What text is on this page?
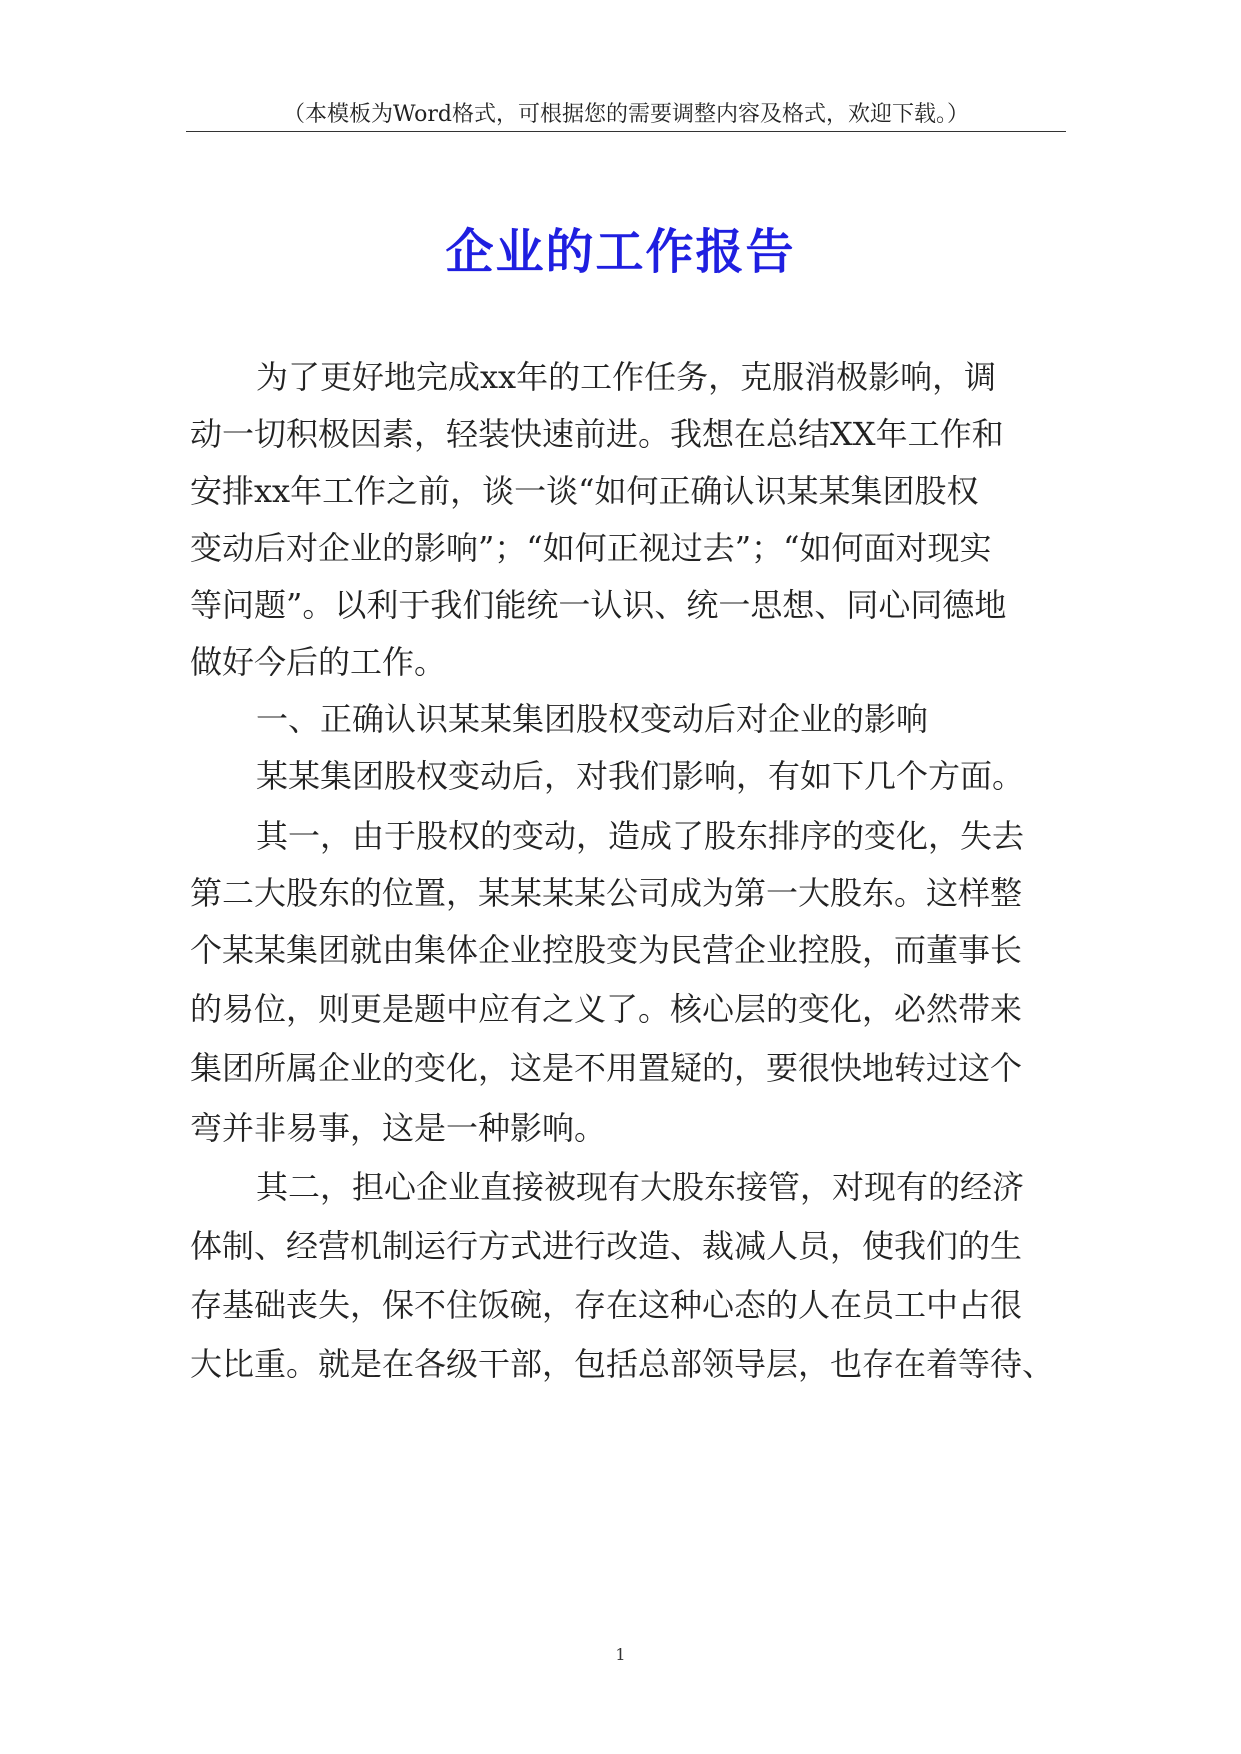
（本模板为Word格式，可根据您的需要调整内容及格式，欢迎下载。）
企业的工作报告
为了更好地完成xx年的工作任务，克服消极影响，调
动一切积极因素，轻装快速前进。我想在总结XX年工作和
安排xx年工作之前，谈一谈“如何正确认识某某集团股权
变动后对企业的影响”；“如何正视过去”；“如何面对现实
等问题”。以利于我们能统一认识、统一思想、同心同德地
做好今后的工作。
一、正确认识某某集团股权变动后对企业的影响
某某集团股权变动后，对我们影响，有如下几个方面。
其一，由于股权的变动，造成了股东排序的变化，失去
第二大股东的位置，某某某某公司成为第一大股东。这样整
个某某集团就由集体企业控股变为民营企业控股，而董事长
的易位，则更是题中应有之义了。核心层的变化，必然带来
集团所属企业的变化，这是不用置疑的，要很快地转过这个
弯并非易事，这是一种影响。
其二，担心企业直接被现有大股东接管，对现有的经济
体制、经营机制运行方式进行改造、裁减人员，使我们的生
存基础丧失，保不住饭碗，存在这种心态的人在员工中占很
大比重。就是在各级干部，包括总部领导层，也存在着等待、
1
